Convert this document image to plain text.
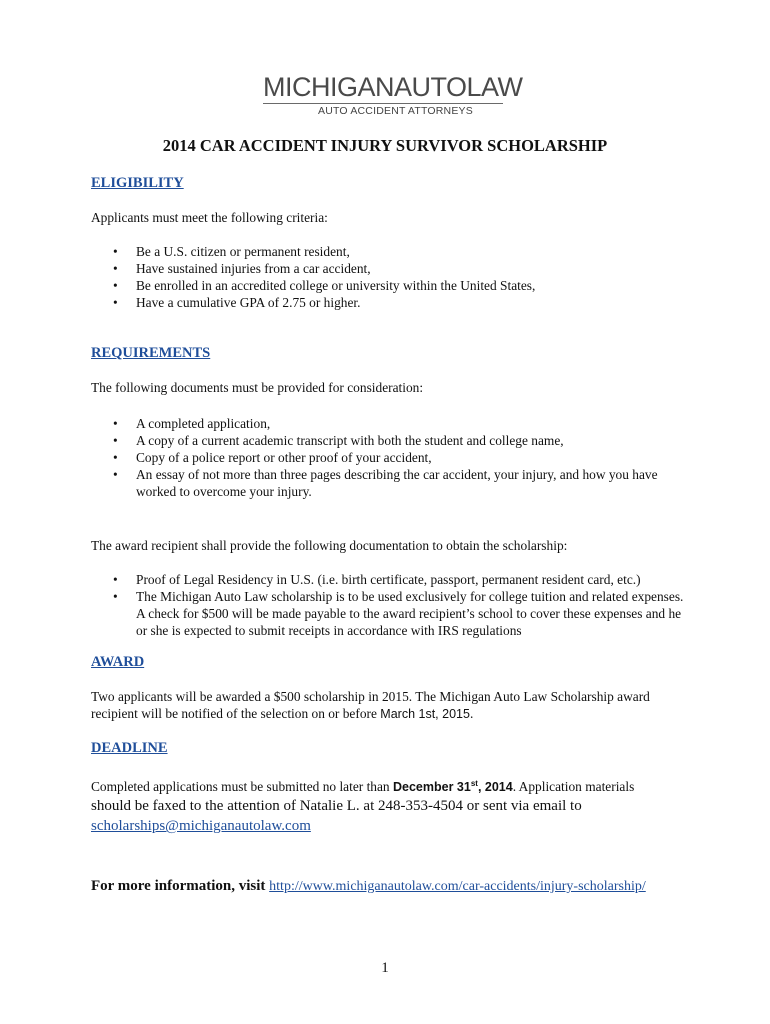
MICHIGANAUTOLAW
AUTO ACCIDENT ATTORNEYS
2014 CAR ACCIDENT INJURY SURVIVOR SCHOLARSHIP
ELIGIBILITY
Applicants must meet the following criteria:
• Be a U.S. citizen or permanent resident,
• Have sustained injuries from a car accident,
• Be enrolled in an accredited college or university within the United States,
• Have a cumulative GPA of 2.75 or higher.
REQUIREMENTS
The following documents must be provided for consideration:
• A completed application,
• A copy of a current academic transcript with both the student and college name,
• Copy of a police report or other proof of your accident,
• An essay of not more than three pages describing the car accident, your injury, and how you have worked to overcome your injury.
The award recipient shall provide the following documentation to obtain the scholarship:
• Proof of Legal Residency in U.S. (i.e. birth certificate, passport, permanent resident card, etc.)
• The Michigan Auto Law scholarship is to be used exclusively for college tuition and related expenses. A check for $500 will be made payable to the award recipient’s school to cover these expenses and he or she is expected to submit receipts in accordance with IRS regulations
AWARD
Two applicants will be awarded a $500 scholarship in 2015. The Michigan Auto Law Scholarship award recipient will be notified of the selection on or before March 1st, 2015.
DEADLINE
Completed applications must be submitted no later than December 31st, 2014. Application materials
should be faxed to the attention of Natalie L. at 248-353-4504 or sent via email to
scholarships@michiganautolaw.com
For more information, visit http://www.michiganautolaw.com/car-accidents/injury-scholarship/
1
